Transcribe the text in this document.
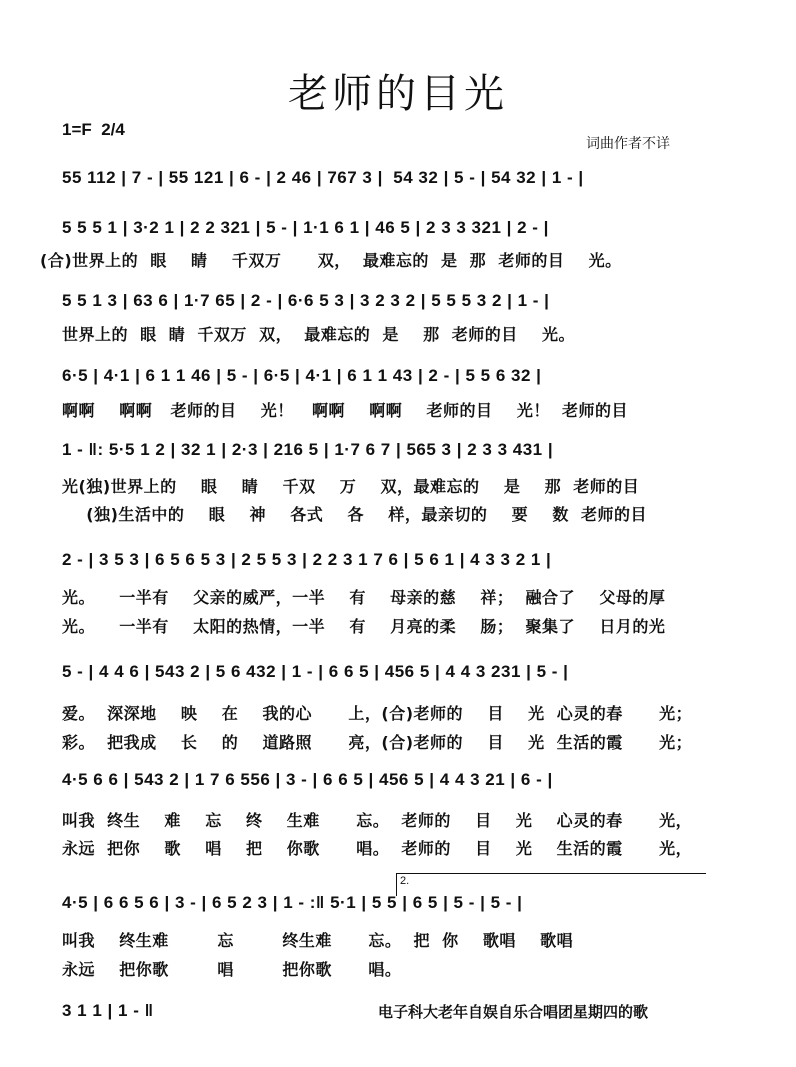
老师的目光
1=F  2/4
词曲作者不详
55 112 | 7 - | 55 121 | 6 - | 2 46 | 767 3 |  54 32 | 5 - | 54 32 | 1 - |
5 5 5 1 | 3·2 1 | 2 2 321 | 5 - | 1·1 6 1 | 46 5 | 2 3 3 321 | 2 - |
(合)世界上的  眼    睛    千双万      双，  最难忘的  是  那  老师的目    光。
5 5 1 3 | 63 6 | 1·7 65 | 2 - | 6·6 5 3 | 3 2 3 2 | 5 5 5 3 2 | 1 - |
世界上的  眼  睛  千双万  双，  最难忘的  是    那  老师的目    光。
6·5 | 4·1 | 6 1 1 46 | 5 - | 6·5 | 4·1 | 6 1 1 43 | 2 - | 5 5 6 32 |
啊啊    啊啊   老师的目    光！   啊啊    啊啊    老师的目    光！  老师的目
1 - ‖: 5·5 1 2 | 32 1 | 2·3 | 216 5 | 1·7 6 7 | 565 3 | 2 3 3 431 |
光(独)世界上的    眼    睛    千双    万    双，最难忘的    是    那  老师的目
(独)生活中的    眼    神    各式    各    样，最亲切的    要    数  老师的目
2 - | 3 5 3 | 6 5 6 5 3 | 2 5 5 3 | 2 2 3 1 7 6 | 5 6 1 | 4 3 3 2 1 |
光。    一半有    父亲的威严，一半    有    母亲的慈    祥；  融合了    父母的厚
光。    一半有    太阳的热情，一半    有    月亮的柔    肠；  聚集了    日月的光
5 - | 4 4 6 | 543 2 | 5 6 432 | 1 - | 6 6 5 | 456 5 | 4 4 3 231 | 5 - |
爱。  深深地    映    在    我的心      上，(合)老师的    目    光  心灵的春      光；
彩。  把我成    长    的    道路照      亮，(合)老师的    目    光  生活的霞      光；
4·5 6 6 | 543 2 | 1 7 6 556 | 3 - | 6 6 5 | 456 5 | 4 4 3 21 | 6 - |
叫我  终生    难    忘    终    生难      忘。  老师的    目    光    心灵的春      光，
永远  把你    歌    唱    把    你歌      唱。  老师的    目    光    生活的霞      光，
2.
4·5 | 6 6 5 6 | 3 - | 6 5 2 3 | 1 - :‖ 5·1 | 5 5 | 6 5 | 5 - | 5 - |
叫我    终生难        忘        终生难      忘。  把  你    歌唱    歌唱
永远    把你歌        唱        把你歌      唱。
3 1 1 | 1 - ‖	电子科大老年自娱自乐合唱团星期四的歌
